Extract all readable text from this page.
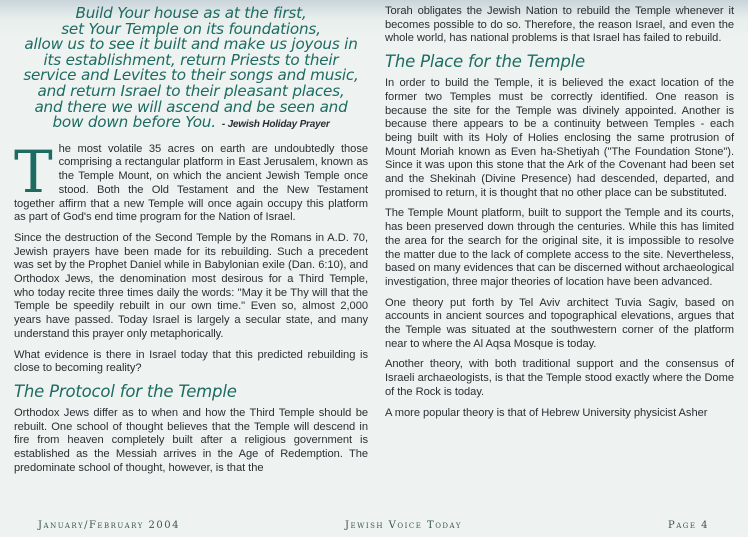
Build Your house as at the first,
set Your Temple on its foundations,
allow us to see it built and make us joyous in
its establishment, return Priests to their
service and Levites to their songs and music,
and return Israel to their pleasant places,
and there we will ascend and be seen and
bow down before You. - Jewish Holiday Prayer

The most volatile 35 acres on earth are undoubtedly those comprising a rectangular platform in East Jerusalem, known as the Temple Mount, on which the ancient Jewish Temple once stood. Both the Old Testament and the New Testament together affirm that a new Temple will once again occupy this platform as part of God's end time program for the Nation of Israel.

Since the destruction of the Second Temple by the Romans in A.D. 70, Jewish prayers have been made for its rebuilding. Such a precedent was set by the Prophet Daniel while in Babylonian exile (Dan. 6:10), and Orthodox Jews, the denomination most desirous for a Third Temple, who today recite three times daily the words: "May it be Thy will that the Temple be speedily rebuilt in our own time." Even so, almost 2,000 years have passed. Today Israel is largely a secular state, and many understand this prayer only metaphorically.

What evidence is there in Israel today that this predicted rebuilding is close to becoming reality?

The Protocol for the Temple

Orthodox Jews differ as to when and how the Third Temple should be rebuilt. One school of thought believes that the Temple will descend in fire from heaven completely built after a religious government is established as the Messiah arrives in the Age of Redemption. The predominate school of thought, however, is that the

Torah obligates the Jewish Nation to rebuild the Temple whenever it becomes possible to do so. Therefore, the reason Israel, and even the whole world, has national problems is that Israel has failed to rebuild.

The Place for the Temple

In order to build the Temple, it is believed the exact location of the former two Temples must be correctly identified. One reason is because the site for the Temple was divinely appointed. Another is because there appears to be a continuity between Temples - each being built with its Holy of Holies enclosing the same protrusion of Mount Moriah known as Even ha-Shetiyah ("The Foundation Stone"). Since it was upon this stone that the Ark of the Covenant had been set and the Shekinah (Divine Presence) had descended, departed, and promised to return, it is thought that no other place can be substituted.

The Temple Mount platform, built to support the Temple and its courts, has been preserved down through the centuries. While this has limited the area for the search for the original site, it is impossible to resolve the matter due to the lack of complete access to the site. Nevertheless, based on many evidences that can be discerned without archaeological investigation, three major theories of location have been advanced.

One theory put forth by Tel Aviv architect Tuvia Sagiv, based on accounts in ancient sources and topographical elevations, argues that the Temple was situated at the southwestern corner of the platform near to where the Al Aqsa Mosque is today.

Another theory, with both traditional support and the consensus of Israeli archaeologists, is that the Temple stood exactly where the Dome of the Rock is today.

A more popular theory is that of Hebrew University physicist Asher

January/February 2004	Jewish Voice Today	Page 4
